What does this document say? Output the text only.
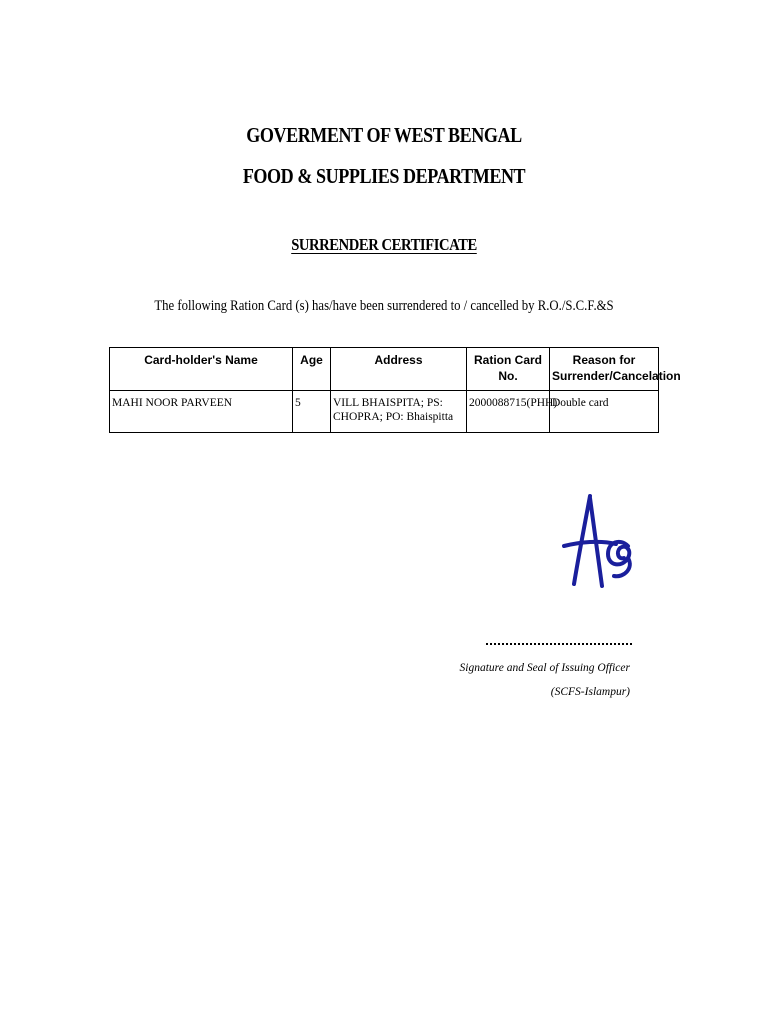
GOVERMENT OF WEST BENGAL
FOOD & SUPPLIES DEPARTMENT
SURRENDER CERTIFICATE
The following Ration Card (s) has/have been surrendered to / cancelled by R.O./S.C.F.&S
Card-holder's Name	Age	Address	Ration Card No.	Reason for Surrender/Cancelation
MAHI NOOR PARVEEN	5	VILL BHAISPITA; PS: CHOPRA; PO: Bhaispitta	2000088715(PHH)	Double card
Signature and Seal of Issuing Officer
(SCFS-Islampur)
